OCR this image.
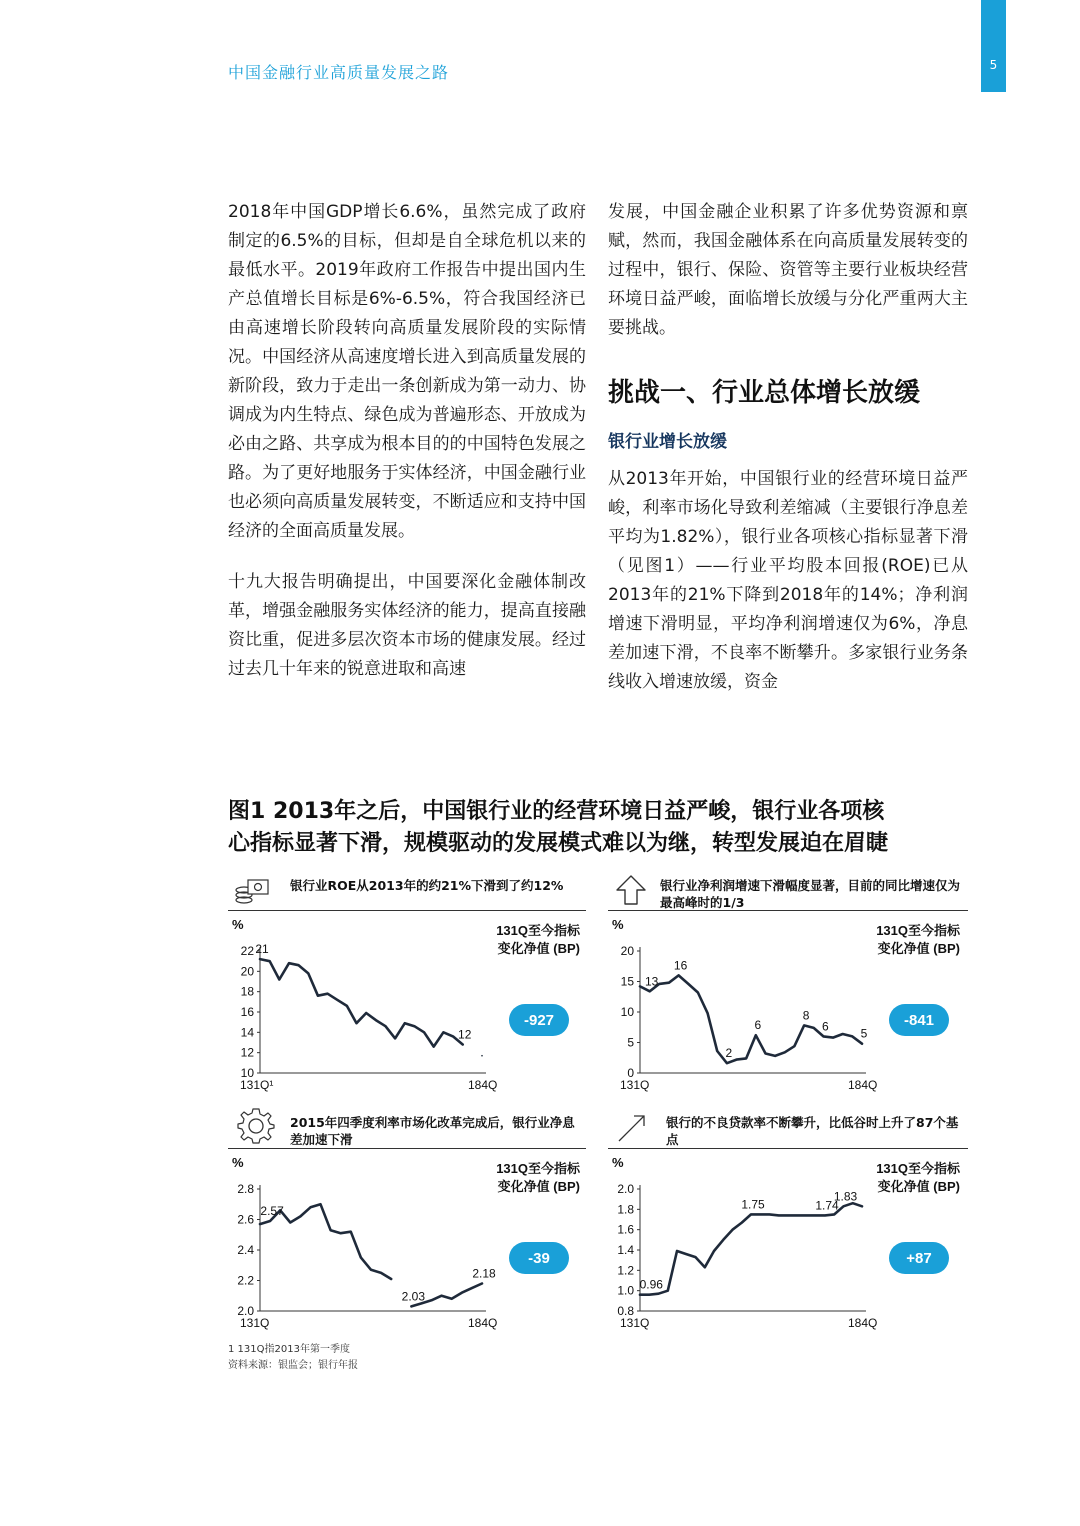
中国金融行业高质量发展之路	5

2018年中国GDP增长6.6%，虽然完成了政府制定的6.5%的目标，但却是自全球危机以来的最低水平。2019年政府工作报告中提出国内生产总值增长目标是6%-6.5%，符合我国经济已由高速增长阶段转向高质量发展阶段的实际情况。中国经济从高速度增长进入到高质量发展的新阶段，致力于走出一条创新成为第一动力、协调成为内生特点、绿色成为普遍形态、开放成为必由之路、共享成为根本目的的中国特色发展之路。为了更好地服务于实体经济，中国金融行业也必须向高质量发展转变，不断适应和支持中国经济的全面高质量发展。

十九大报告明确提出，中国要深化金融体制改革，增强金融服务实体经济的能力，提高直接融资比重，促进多层次资本市场的健康发展。经过过去几十年来的锐意进取和高速

发展，中国金融企业积累了许多优势资源和禀赋，然而，我国金融体系在向高质量发展转变的过程中，银行、保险、资管等主要行业板块经营环境日益严峻，面临增长放缓与分化严重两大主要挑战。

挑战一、行业总体增长放缓
银行业增长放缓

从2013年开始，中国银行业的经营环境日益严峻，利率市场化导致利差缩减（主要银行净息差平均为1.82%），银行业各项核心指标显著下滑（见图1）——行业平均股本回报(ROE)已从2013年的21%下降到2018年的14%；净利润增速下滑明显，平均净利润增速仅为6%，净息差加速下滑，不良率不断攀升。多家银行业务条线收入增速放缓，资金

图1 2013年之后，中国银行业的经营环境日益严峻，银行业各项核
心指标显著下滑，规模驱动的发展模式难以为继，转型发展迫在眉睫
银行业ROE从2013年的约21%下滑到了约12%
%
10
12
14
16
18
20
22
131Q¹	184Q
21
12
131Q至今指标
变化净值 (BP)
-927
银行业净利润增速下滑幅度显著，目前的同比增速仅为最高峰时的1/3
%
0
5
10
15
20
131Q	184Q
13
16
2
6
8
6
5
131Q至今指标
变化净值 (BP)
-841
2015年四季度利率市场化改革完成后，银行业净息差加速下滑
%
2.0
2.2
2.4
2.6
2.8
131Q	184Q
2.57
2.03
2.18
131Q至今指标
变化净值 (BP)
-39
银行的不良贷款率不断攀升，比低谷时上升了87个基点
%
0.8
1.0
1.2
1.4
1.6
1.8
2.0
131Q	184Q
0.96
1.75	1.74
1.83
131Q至今指标
变化净值 (BP)
+87
1 131Q指2013年第一季度
资料来源：银监会；银行年报
